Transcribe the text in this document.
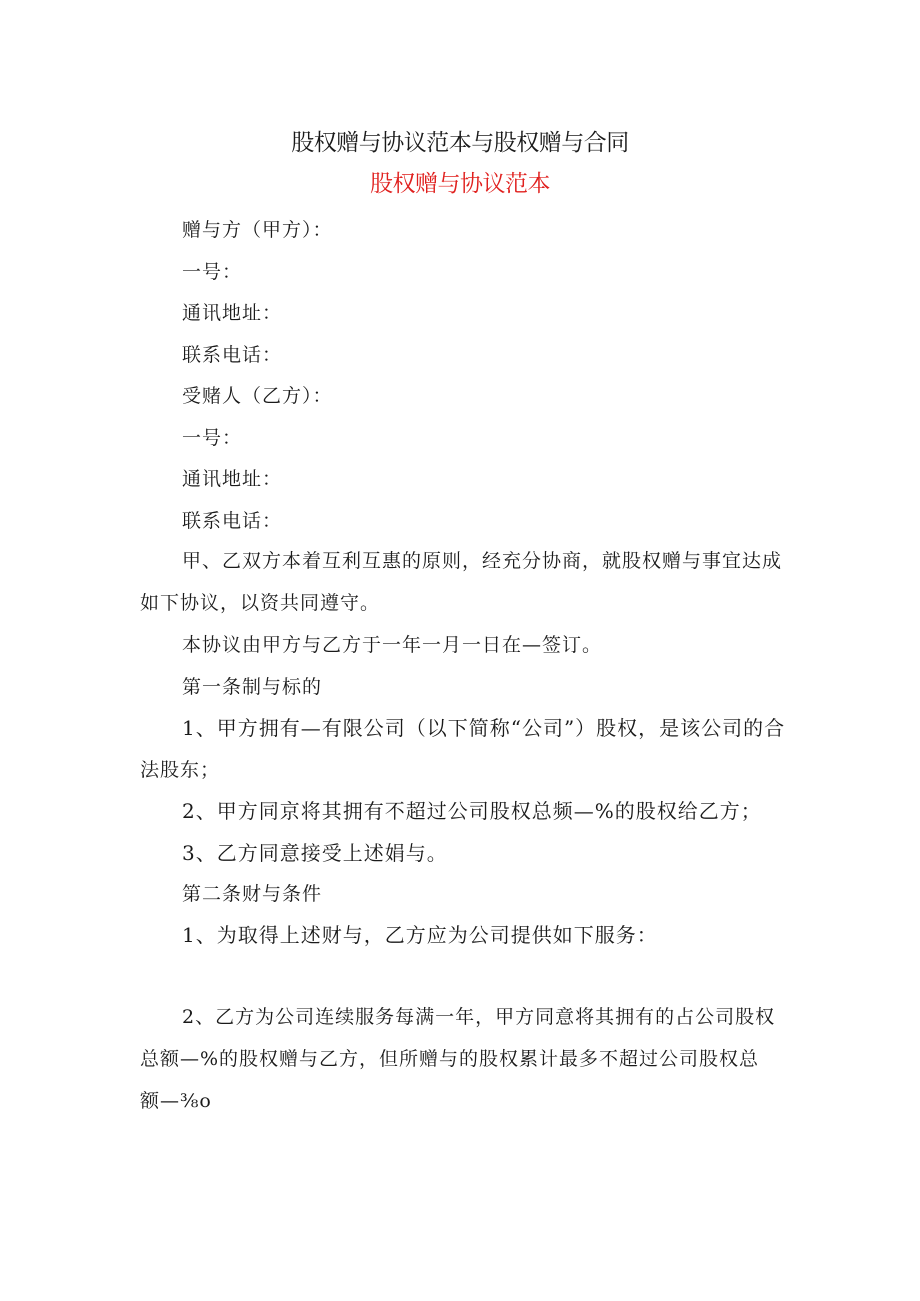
股权赠与协议范本与股权赠与合同
股权赠与协议范本
赠与方（甲方）：
一号：
通讯地址：
联系电话：
受赌人（乙方）：
一号：
通讯地址：
联系电话：
甲、乙双方本着互利互惠的原则，经充分协商，就股权赠与事宜达成
如下协议，以资共同遵守。
本协议由甲方与乙方于一年一月一日在—签订。
第一条制与标的
1、甲方拥有—有限公司（以下简称“公司”）股权，是该公司的合
法股东；
2、甲方同京将其拥有不超过公司股权总频—%的股权给乙方；
3、乙方同意接受上述娟与。
第二条财与条件
1、为取得上述财与，乙方应为公司提供如下服务：
2、乙方为公司连续服务每满一年，甲方同意将其拥有的占公司股权
总额—%的股权赠与乙方，但所赠与的股权累计最多不超过公司股权总
额—⅜o
